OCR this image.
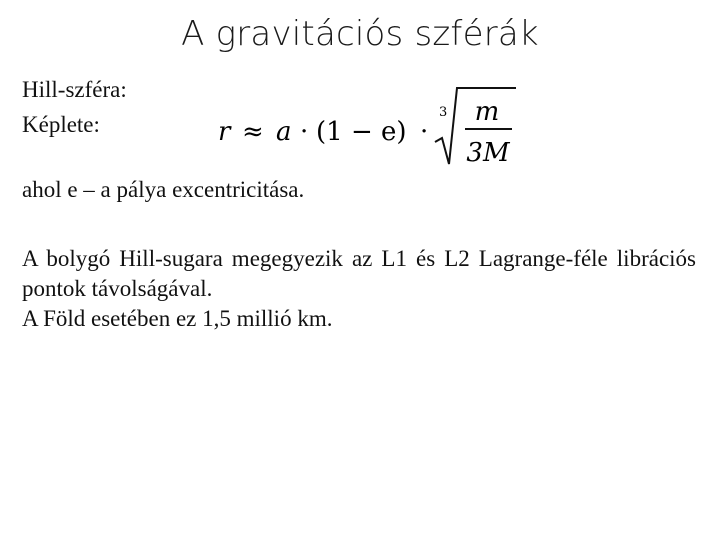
A gravitációs szférák
Hill-szféra:
Képlete:	r ≈ a · (1 − e) ·
3 m
3M
ahol e – a pálya excentricitása.

A bolygó Hill-sugara megegyezik az L1 és L2 Lagrange-féle librációs pontok távolságával.

A Föld esetében ez 1,5 millió km.
